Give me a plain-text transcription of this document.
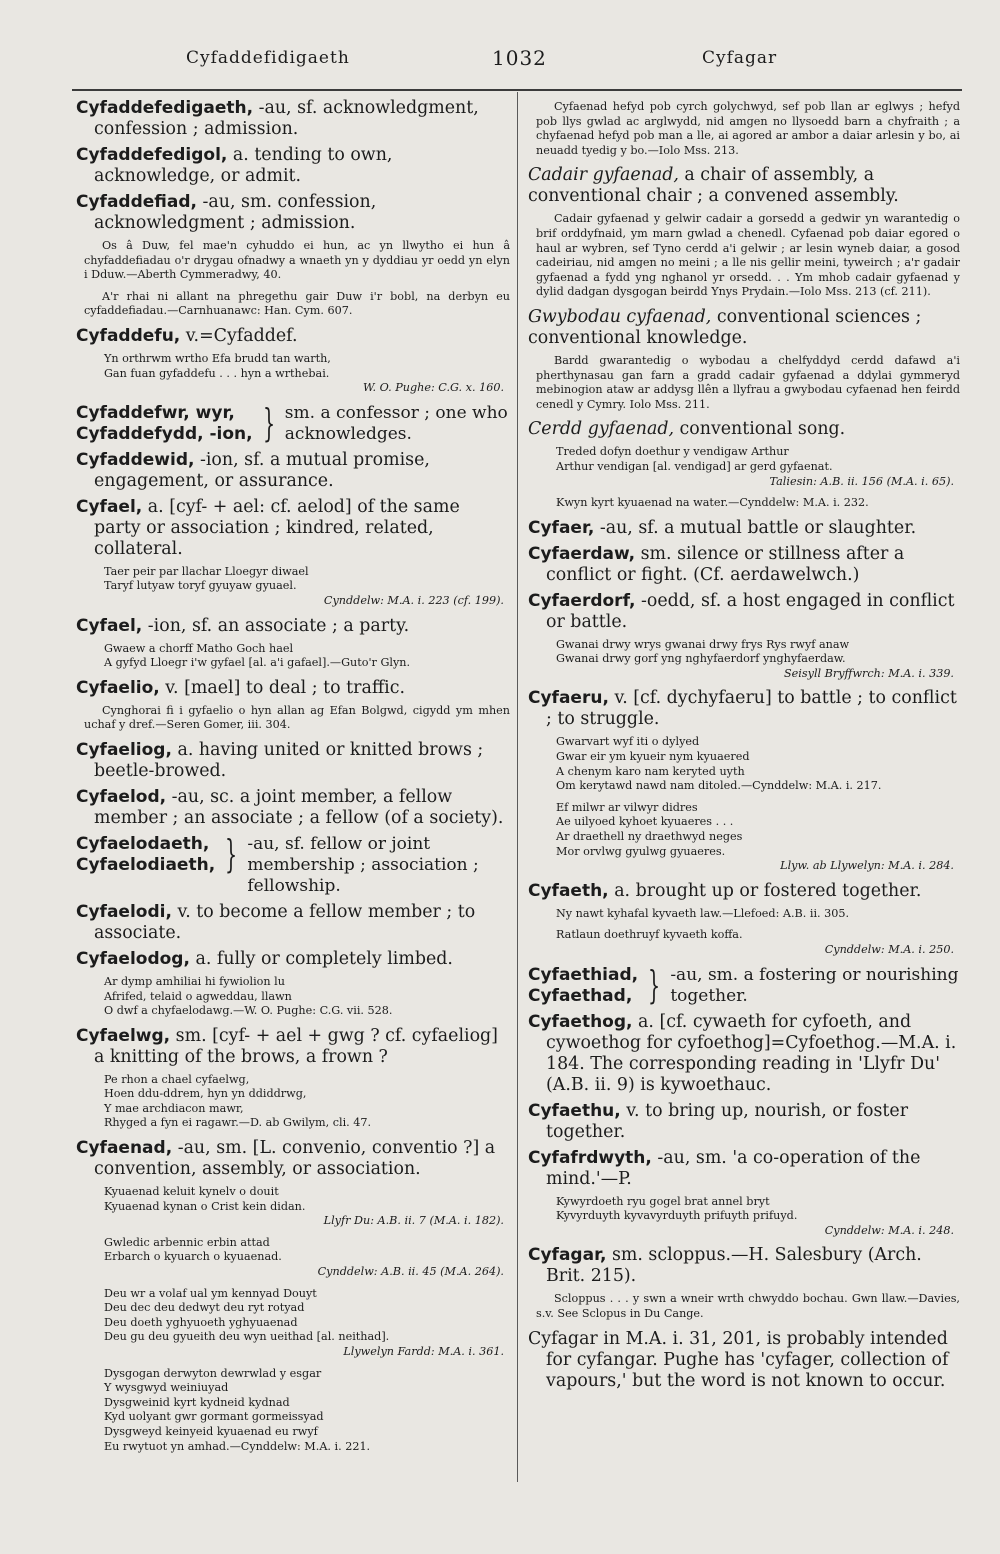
Cyfaddefidigaeth	1032	Cyfagar
Cyfaddefedigaeth, -au, sf. acknowledgment, confession ; admission.
Cyfaddefedigol, a. tending to own, acknowledge, or admit.
Cyfaddefiad, -au, sm. confession, acknowledgment ; admission.
Os â Duw, fel mae'n cyhuddo ei hun, ac yn llwytho ei hun â chyfaddefiadau o'r drygau ofnadwy a wnaeth yn y dyddiau yr oedd yn elyn i Dduw.—Aberth Cymmeradwy, 40.
A'r rhai ni allant na phregethu gair Duw i'r bobl, na derbyn eu cyfaddefiadau.—Carnhuanawc: Han. Cym. 607.
Cyfaddefu, v.=Cyfaddef.
Yn orthrwm wrtho Efa brudd tan warth,
Gan fuan gyfaddefu . . . hyn a wrthebai.
W. O. Pughe: C.G. x. 160.
Cyfaddefwr, wyr,
Cyfaddefydd, -ion, } sm. a confessor ; one who acknowledges.
Cyfaddewid, -ion, sf. a mutual promise, engagement, or assurance.
Cyfael, a. [cyf- + ael: cf. aelod] of the same party or association ; kindred, related, collateral.
Taer peir par llachar Lloegyr diwael
Taryf lutyaw toryf gyuyaw gyuael.
Cynddelw: M.A. i. 223 (cf. 199).
Cyfael, -ion, sf. an associate ; a party.
Gwaew a chorff Matho Goch hael
A gyfyd Lloegr i'w gyfael [al. a'i gafael].—Guto'r Glyn.
Cyfaelio, v. [mael] to deal ; to traffic.
Cynghorai fi i gyfaelio o hyn allan ag Efan Bolgwd, cigydd ym mhen uchaf y dref.—Seren Gomer, iii. 304.
Cyfaeliog, a. having united or knitted brows ; beetle-browed.
Cyfaelod, -au, sc. a joint member, a fellow member ; an associate ; a fellow (of a society).
Cyfaelodaeth,
Cyfaelodiaeth, } -au, sf. fellow or joint membership ; association ; fellowship.
Cyfaelodi, v. to become a fellow member ; to associate.
Cyfaelodog, a. fully or completely limbed.
Ar dymp amhiliai hi fywiolion lu
Afrifed, telaid o agweddau, llawn
O dwf a chyfaelodawg.—W. O. Pughe: C.G. vii. 528.
Cyfaelwg, sm. [cyf- + ael + gwg ? cf. cyfaeliog] a knitting of the brows, a frown ?
Pe rhon a chael cyfaelwg,
Hoen ddu-ddrem, hyn yn ddiddrwg,
Y mae archdiacon mawr,
Rhyged a fyn ei ragawr.—D. ab Gwilym, cli. 47.
Cyfaenad, -au, sm. [L. convenio, conventio ?] a convention, assembly, or association.
Kyuaenad keluit kynelv o douit
Kyuaenad kynan o Crist kein didan.
Llyfr Du: A.B. ii. 7 (M.A. i. 182).
Gwledic arbennic erbin attad
Erbarch o kyuarch o kyuaenad.
Cynddelw: A.B. ii. 45 (M.A. 264).
Deu wr a volaf ual ym kennyad Douyt
Deu dec deu dedwyt deu ryt rotyad
Deu doeth yghyuoeth yghyuaenad
Deu gu deu gyueith deu wyn ueithad [al. neithad].
Llywelyn Fardd: M.A. i. 361.
Dysgogan derwyton dewrwlad y esgar
Y wysgwyd weiniuyad
Dysgweinid kyrt kydneid kydnad
Kyd uolyant gwr gormant gormeissyad
Dysgweyd keinyeid kyuaenad eu rwyf
Eu rwytuot yn amhad.—Cynddelw: M.A. i. 221.
Cyfaenad hefyd pob cyrch golychwyd, sef pob llan ar eglwys ; hefyd pob llys gwlad ac arglwydd, nid amgen no llysoedd barn a chyfraith ; a chyfaenad hefyd pob man a lle, ai agored ar ambor a daiar arlesin y bo, ai neuadd tyedig y bo.—Iolo Mss. 213.
Cadair gyfaenad, a chair of assembly, a conventional chair ; a convened assembly.
Cadair gyfaenad y gelwir cadair a gorsedd a gedwir yn warantedig o brif orddyfnaid, ym marn gwlad a chenedl. Cyfaenad pob daiar egored o haul ar wybren, sef Tyno cerdd a'i gelwir ; ar lesin wyneb daiar, a gosod cadeiriau, nid amgen no meini ; a lle nis gellir meini, tyweirch ; a'r gadair gyfaenad a fydd yng nghanol yr orsedd. . . Ym mhob cadair gyfaenad y dylid dadgan dysgogan beirdd Ynys Prydain.—Iolo Mss. 213 (cf. 211).
Gwybodau cyfaenad, conventional sciences ; conventional knowledge.
Bardd gwarantedig o wybodau a chelfyddyd cerdd dafawd a'i pherthynasau gan farn a gradd cadair gyfaenad a ddylai gymmeryd mebinogion ataw ar addysg llên a llyfrau a gwybodau cyfaenad hen feirdd cenedl y Cymry. Iolo Mss. 211.
Cerdd gyfaenad, conventional song.
Treded dofyn doethur y vendigaw Arthur
Arthur vendigan [al. vendigad] ar gerd gyfaenat.
Taliesin: A.B. ii. 156 (M.A. i. 65).
Kwyn kyrt kyuaenad na water.—Cynddelw: M.A. i. 232.
Cyfaer, -au, sf. a mutual battle or slaughter.
Cyfaerdaw, sm. silence or stillness after a conflict or fight. (Cf. aerdawelwch.)
Cyfaerdorf, -oedd, sf. a host engaged in conflict or battle.
Gwanai drwy wrys gwanai drwy frys Rys rwyf anaw
Gwanai drwy gorf yng nghyfaerdorf ynghyfaerdaw.
Seisyll Bryffwrch: M.A. i. 339.
Cyfaeru, v. [cf. dychyfaeru] to battle ; to conflict ; to struggle.
Gwarvart wyf iti o dylyed
Gwar eir ym kyueir nym kyuaered
A chenym karo nam keryted uyth
Om kerytawd nawd nam ditoled.—Cynddelw: M.A. i. 217.
Ef milwr ar vilwyr didres
Ae uilyoed kyhoet kyuaeres . . .
Ar draethell ny draethwyd neges
Mor orvlwg gyulwg gyuaeres.
Llyw. ab Llywelyn: M.A. i. 284.
Cyfaeth, a. brought up or fostered together.
Ny nawt kyhafal kyvaeth law.—Llefoed: A.B. ii. 305.
Ratlaun doethruyf kyvaeth koffa.
Cynddelw: M.A. i. 250.
Cyfaethiad,
Cyfaethad, } -au, sm. a fostering or nourishing together.
Cyfaethog, a. [cf. cywaeth for cyfoeth, and cywoethog for cyfoethog]=Cyfoethog.—M.A. i. 184. The corresponding reading in 'Llyfr Du' (A.B. ii. 9) is kywoethauc.
Cyfaethu, v. to bring up, nourish, or foster together.
Cyfafrdwyth, -au, sm. 'a co-operation of the mind.'—P.
Kywyrdoeth ryu gogel brat annel bryt
Kyvyrduyth kyvavyrduyth prifuyth prifuyd.
Cynddelw: M.A. i. 248.
Cyfagar, sm. scloppus.—H. Salesbury (Arch. Brit. 215).
Scloppus . . . y swn a wneir wrth chwyddo bochau. Gwn llaw.—Davies, s.v. See Sclopus in Du Cange.
Cyfagar in M.A. i. 31, 201, is probably intended for cyfangar. Pughe has 'cyfager, collection of vapours,' but the word is not known to occur.
